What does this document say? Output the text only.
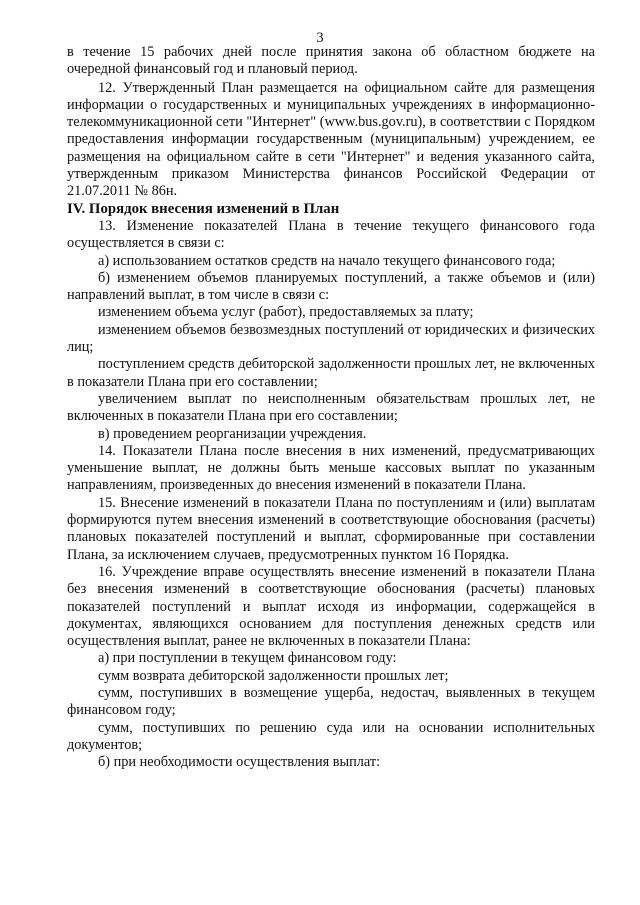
3

в течение 15 рабочих дней после принятия закона об областном бюджете на очередной финансовый год и плановый период.

12. Утвержденный План размещается на официальном сайте для размещения информации о государственных и муниципальных учреждениях в информационно-телекоммуникационной сети "Интернет" (www.bus.gov.ru), в соответствии с Порядком предоставления информации государственным (муниципальным) учреждением, ее размещения на официальном сайте в сети "Интернет" и ведения указанного сайта, утвержденным приказом Министерства финансов Российской Федерации от 21.07.2011 № 86н.

IV. Порядок внесения изменений в План

13. Изменение показателей Плана в течение текущего финансового года осуществляется в связи с:

а) использованием остатков средств на начало текущего финансового года;

б) изменением объемов планируемых поступлений, а также объемов и (или) направлений выплат, в том числе в связи с:

изменением объема услуг (работ), предоставляемых за плату;

изменением объемов безвозмездных поступлений от юридических и физических лиц;

поступлением средств дебиторской задолженности прошлых лет, не включенных в показатели Плана при его составлении;

увеличением выплат по неисполненным обязательствам прошлых лет, не включенных в показатели Плана при его составлении;

в) проведением реорганизации учреждения.

14. Показатели Плана после внесения в них изменений, предусматривающих уменьшение выплат, не должны быть меньше кассовых выплат по указанным направлениям, произведенных до внесения изменений в показатели Плана.

15. Внесение изменений в показатели Плана по поступлениям и (или) выплатам формируются путем внесения изменений в соответствующие обоснования (расчеты) плановых показателей поступлений и выплат, сформированные при составлении Плана, за исключением случаев, предусмотренных пунктом 16 Порядка.

16. Учреждение вправе осуществлять внесение изменений в показатели Плана без внесения изменений в соответствующие обоснования (расчеты) плановых показателей поступлений и выплат исходя из информации, содержащейся в документах, являющихся основанием для поступления денежных средств или осуществления выплат, ранее не включенных в показатели Плана:

а) при поступлении в текущем финансовом году:

сумм возврата дебиторской задолженности прошлых лет;

сумм, поступивших в возмещение ущерба, недостач, выявленных в текущем финансовом году;

сумм, поступивших по решению суда или на основании исполнительных документов;

б) при необходимости осуществления выплат:
